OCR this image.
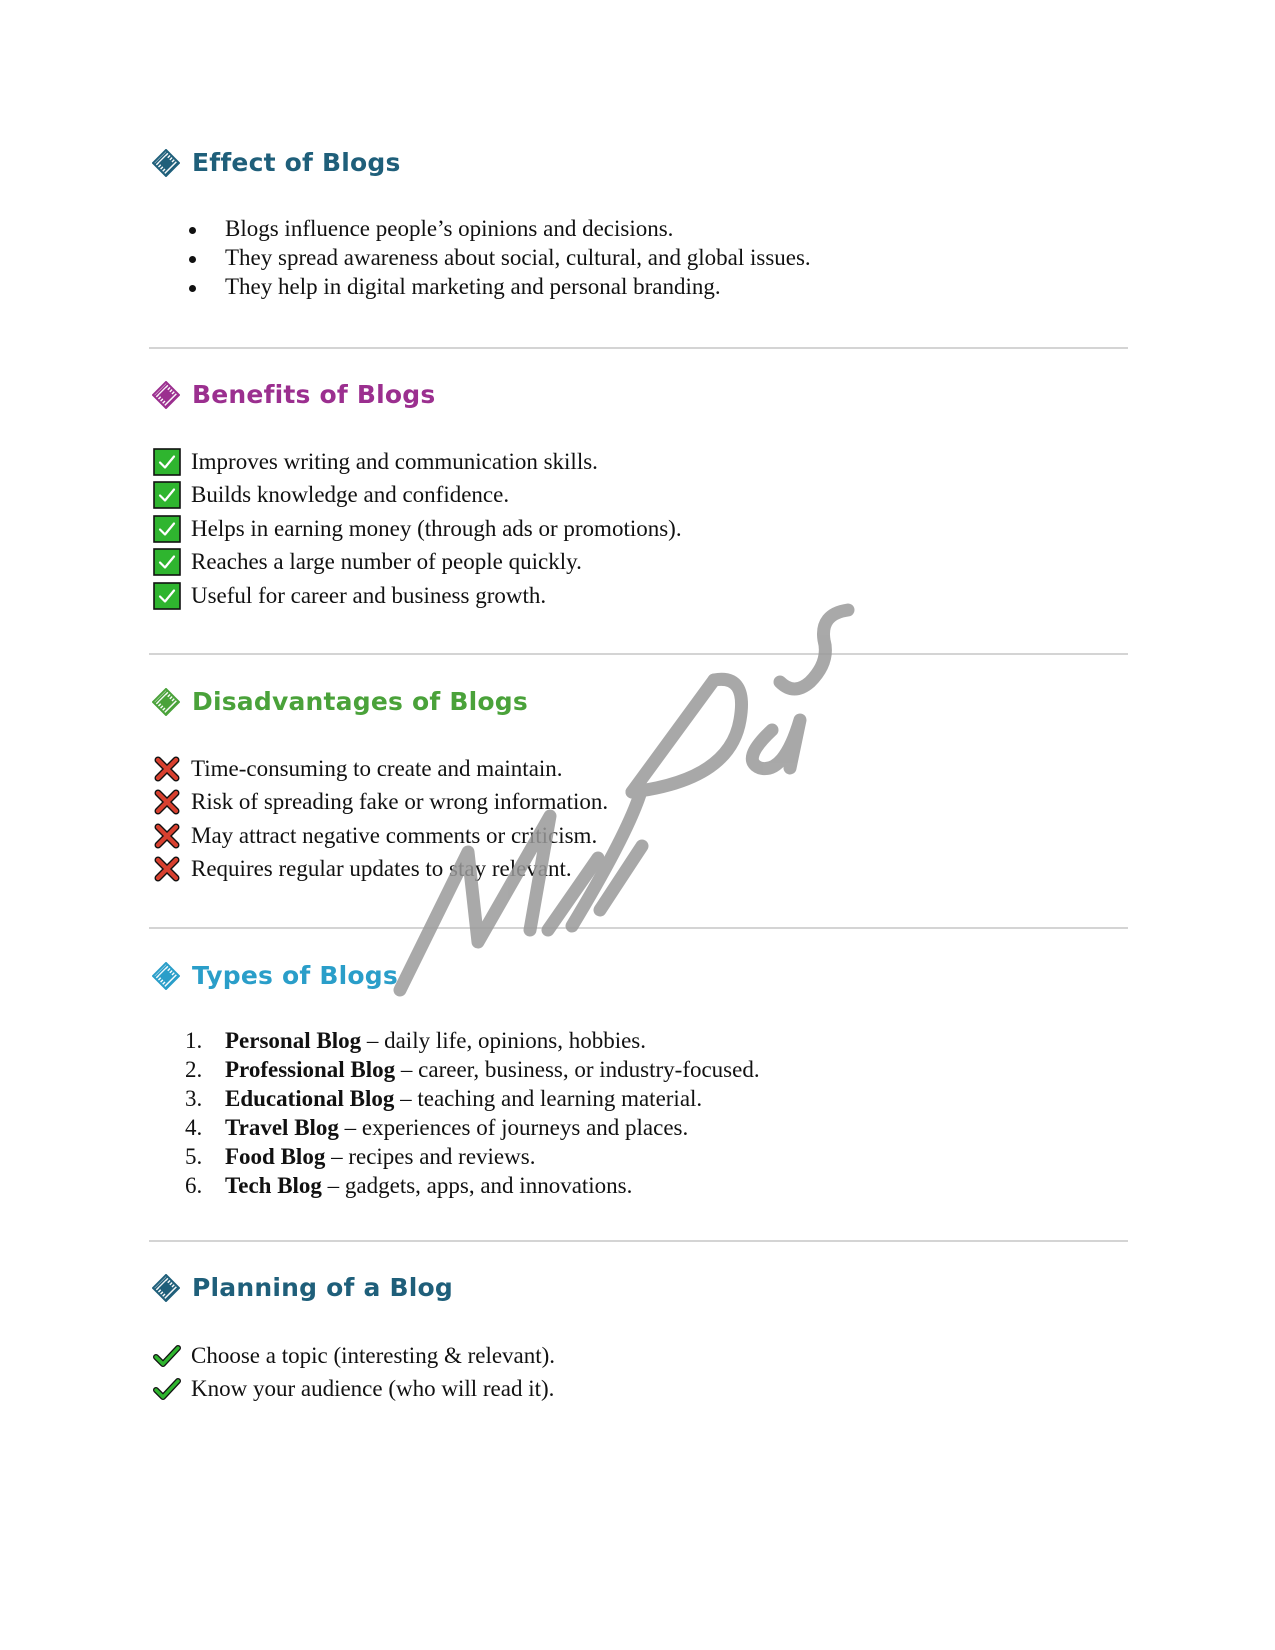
Effect of Blogs
Blogs influence people’s opinions and decisions.
They spread awareness about social, cultural, and global issues.
They help in digital marketing and personal branding.
Benefits of Blogs
Improves writing and communication skills.
Builds knowledge and confidence.
Helps in earning money (through ads or promotions).
Reaches a large number of people quickly.
Useful for career and business growth.
Disadvantages of Blogs
Time-consuming to create and maintain.
Risk of spreading fake or wrong information.
May attract negative comments or criticism.
Requires regular updates to stay relevant.
Types of Blogs
1. Personal Blog – daily life, opinions, hobbies.
2. Professional Blog – career, business, or industry-focused.
3. Educational Blog – teaching and learning material.
4. Travel Blog – experiences of journeys and places.
5. Food Blog – recipes and reviews.
6. Tech Blog – gadgets, apps, and innovations.
Planning of a Blog
Choose a topic (interesting & relevant).
Know your audience (who will read it).
